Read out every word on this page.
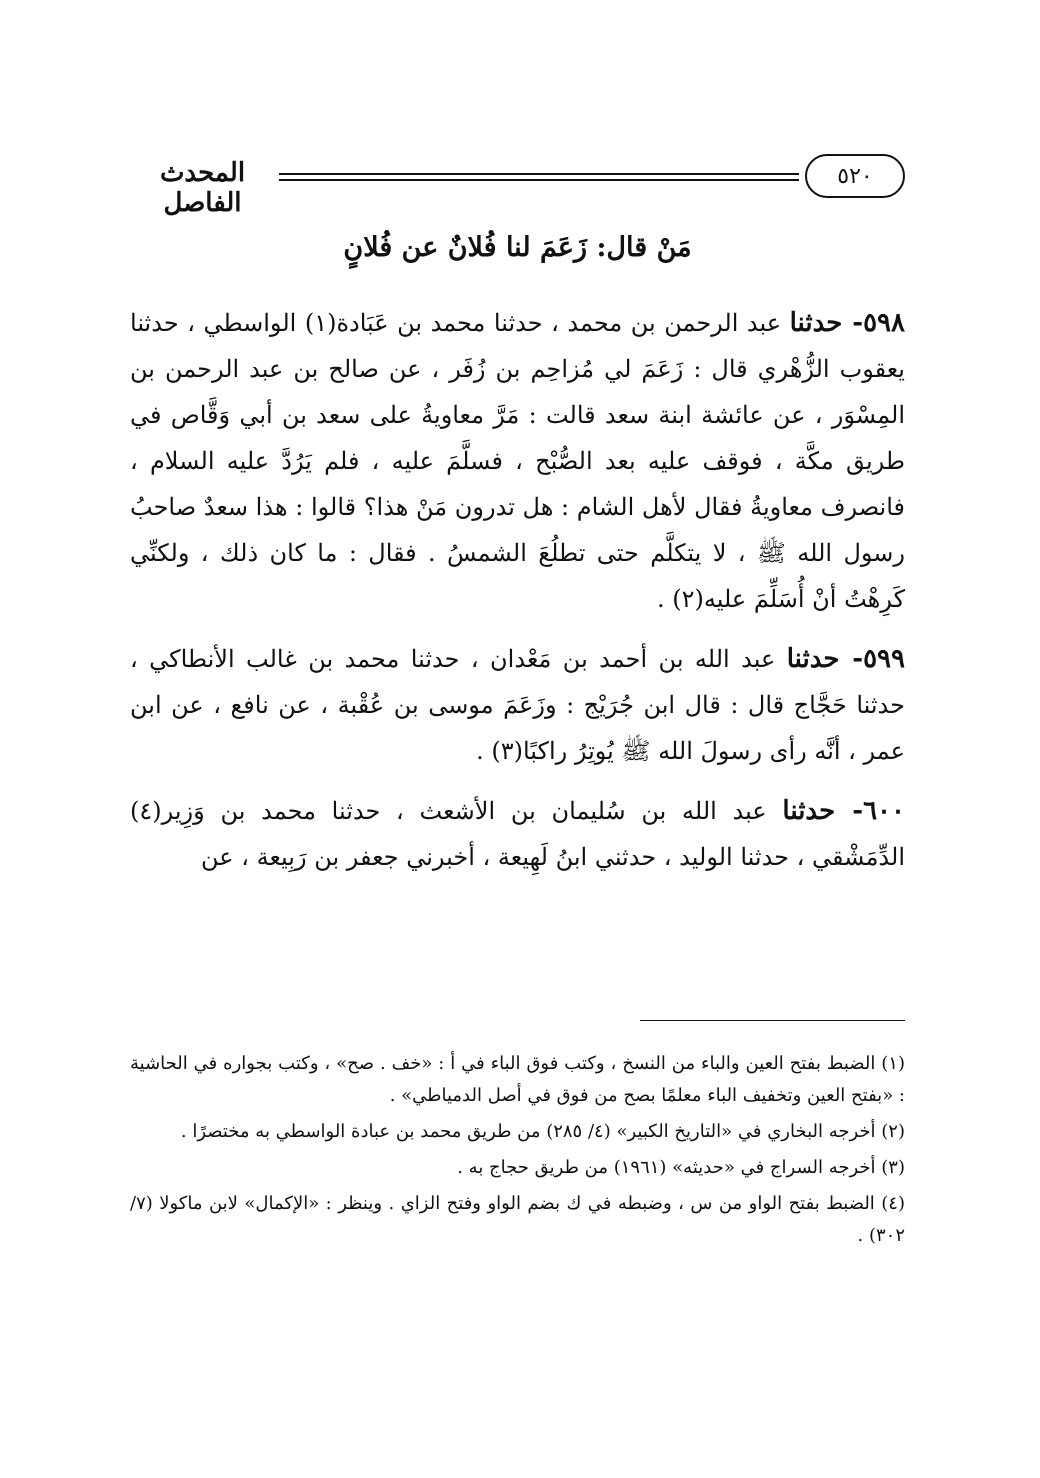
٥٢٠
المحدث الفاصل
مَنْ قال: زَعَمَ لنا فُلانٌ عن فُلانٍ

٥٩٨- حدثنا عبد الرحمن بن محمد ، حدثنا محمد بن عَبَادة(١) الواسطي ، حدثنا يعقوب الزُّهْري قال : زَعَمَ لي مُزاحِم بن زُفَر ، عن صالح بن عبد الرحمن بن المِسْوَر ، عن عائشة ابنة سعد قالت : مَرَّ معاويةُ على سعد بن أبي وَقَّاص في طريق مكَّة ، فوقف عليه بعد الصُّبْح ، فسلَّمَ عليه ، فلم يَرُدَّ عليه السلام ، فانصرف معاويةُ فقال لأهل الشام : هل تدرون مَنْ هذا؟ قالوا : هذا سعدٌ صاحبُ رسول الله ﷺ ، لا يتكلَّم حتى تطلُعَ الشمسُ . فقال : ما كان ذلك ، ولكنِّي كَرِهْتُ أنْ أُسَلِّمَ عليه(٢) .

٥٩٩- حدثنا عبد الله بن أحمد بن مَعْدان ، حدثنا محمد بن غالب الأنطاكي ، حدثنا حَجَّاج قال : قال ابن جُرَيْج : وزَعَمَ موسى بن عُقْبة ، عن نافع ، عن ابن عمر ، أنَّه رأى رسولَ الله ﷺ يُوتِرُ راكبًا(٣) .

٦٠٠- حدثنا عبد الله بن سُليمان بن الأشعث ، حدثنا محمد بن وَزِير(٤) الدِّمَشْقي ، حدثنا الوليد ، حدثني ابنُ لَهِيعة ، أخبرني جعفر بن رَبِيعة ، عن

(١) الضبط بفتح العين والباء من النسخ ، وكتب فوق الباء في أ : «خف . صح» ، وكتب بجواره في الحاشية : «بفتح العين وتخفيف الباء معلمًا بصح من فوق في أصل الدمياطي» .

(٢) أخرجه البخاري في «التاريخ الكبير» (٤/ ٢٨٥) من طريق محمد بن عبادة الواسطي به مختصرًا .

(٣) أخرجه السراج في «حديثه» (١٩٦١) من طريق حجاج به .

(٤) الضبط بفتح الواو من س ، وضبطه في ك بضم الواو وفتح الزاي . وينظر : «الإكمال» لابن ماكولا (٧/ ٣٠٢) .
